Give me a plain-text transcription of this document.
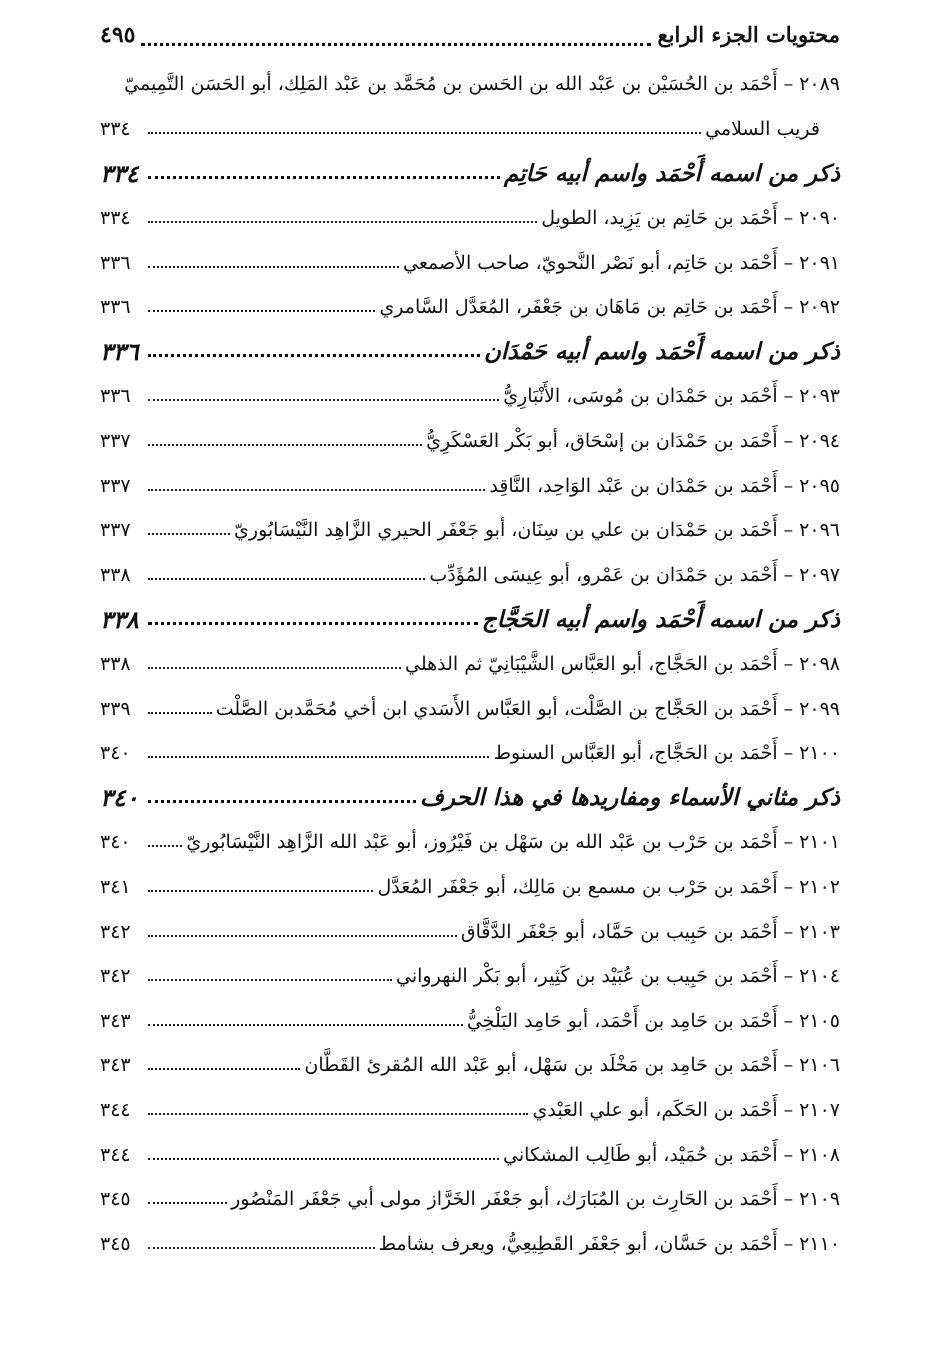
محتويات الجزء الرابع
٤٩٥
٢٠٨٩
–
أَحْمَد بن الحُسَيْن بن عَبْد الله بن الحَسن بن مُحَمَّد بن عَبْد المَلِك، أبو الحَسَن التَّمِيميّ
قريب السلامي
٣٣٤
ذكر من اسمه أَحْمَد واسم أبيه حَاتِم
٣٣٤
٢٠٩٠
–
أَحْمَد بن حَاتِم بن يَزِيد، الطويل
٣٣٤
٢٠٩١
–
أَحْمَد بن حَاتِم، أبو نَصْر النَّحويّ، صاحب الأصمعي
٣٣٦
٢٠٩٢
–
أَحْمَد بن حَاتِم بن مَاهَان بن جَعْفَر، المُعَدَّل السَّامري
٣٣٦
ذكر من اسمه أَحْمَد واسم أبيه حَمْدَان
٣٣٦
٢٠٩٣
–
أَحْمَد بن حَمْدَان بن مُوسَى، الأَنْبَارِيُّ
٣٣٦
٢٠٩٤
–
أَحْمَد بن حَمْدَان بن إسْحَاق، أبو بَكْر العَسْكَرِيُّ
٣٣٧
٢٠٩٥
–
أَحْمَد بن حَمْدَان بن عَبْد الوَاحِد، النَّاقِد
٣٣٧
٢٠٩٦
–
أَحْمَد بن حَمْدَان بن علي بن سِنَان، أبو جَعْفَر الحيري الزَّاهِد النَّيْسَابُوريّ
٣٣٧
٢٠٩٧
–
أَحْمَد بن حَمْدَان بن عَمْرو، أبو عِيسَى المُؤَدِّب
٣٣٨
ذكر من اسمه أَحْمَد واسم أبيه الحَجَّاج
٣٣٨
٢٠٩٨
–
أَحْمَد بن الحَجَّاج، أبو العَبَّاس الشَّيْبَانِيّ ثم الذهلي
٣٣٨
٢٠٩٩
–
أَحْمَد بن الحَجَّاج بن الصَّلْت، أبو العَبَّاس الأَسَدي ابن أخي مُحَمَّدبن الصَّلْت
٣٣٩
٢١٠٠
–
أَحْمَد بن الحَجَّاج، أبو العَبَّاس السنوط
٣٤٠
ذكر مثاني الأسماء ومفاريدها في هذا الحرف
٣٤٠
٢١٠١
–
أَحْمَد بن حَرْب بن عَبْد الله بن سَهْل بن فَيْرُوز، أبو عَبْد الله الزَّاهِد النَّيْسَابُوريّ
٣٤٠
٢١٠٢
–
أَحْمَد بن حَرْب بن مسمع بن مَالِك، أبو جَعْفَر المُعَدَّل
٣٤١
٢١٠٣
–
أَحْمَد بن حَبِيب بن حَمَّاد، أبو جَعْفَر الدَّقَّاق
٣٤٢
٢١٠٤
–
أَحْمَد بن حَبِيب بن عُبَيْد بن كَثِير، أبو بَكْر النهرواني
٣٤٢
٢١٠٥
–
أَحْمَد بن حَامِد بن أَحْمَد، أبو حَامِد البَلْخِيُّ
٣٤٣
٢١٠٦
–
أَحْمَد بن حَامِد بن مَخْلَد بن سَهْل، أبو عَبْد الله المُقرئ القَطَّان
٣٤٣
٢١٠٧
–
أَحْمَد بن الحَكَم، أبو علي العَبْدي
٣٤٤
٢١٠٨
–
أَحْمَد بن حُمَيْد، أبو طَالِب المشكاني
٣٤٤
٢١٠٩
–
أَحْمَد بن الحَارِث بن المُبَارَك، أبو جَعْفَر الخَرَّاز مولى أبي جَعْفَر المَنْصُور
٣٤٥
٢١١٠
–
أَحْمَد بن حَسَّان، أبو جَعْفَر القَطِيعِيُّ، ويعرف بشامط
٣٤٥
